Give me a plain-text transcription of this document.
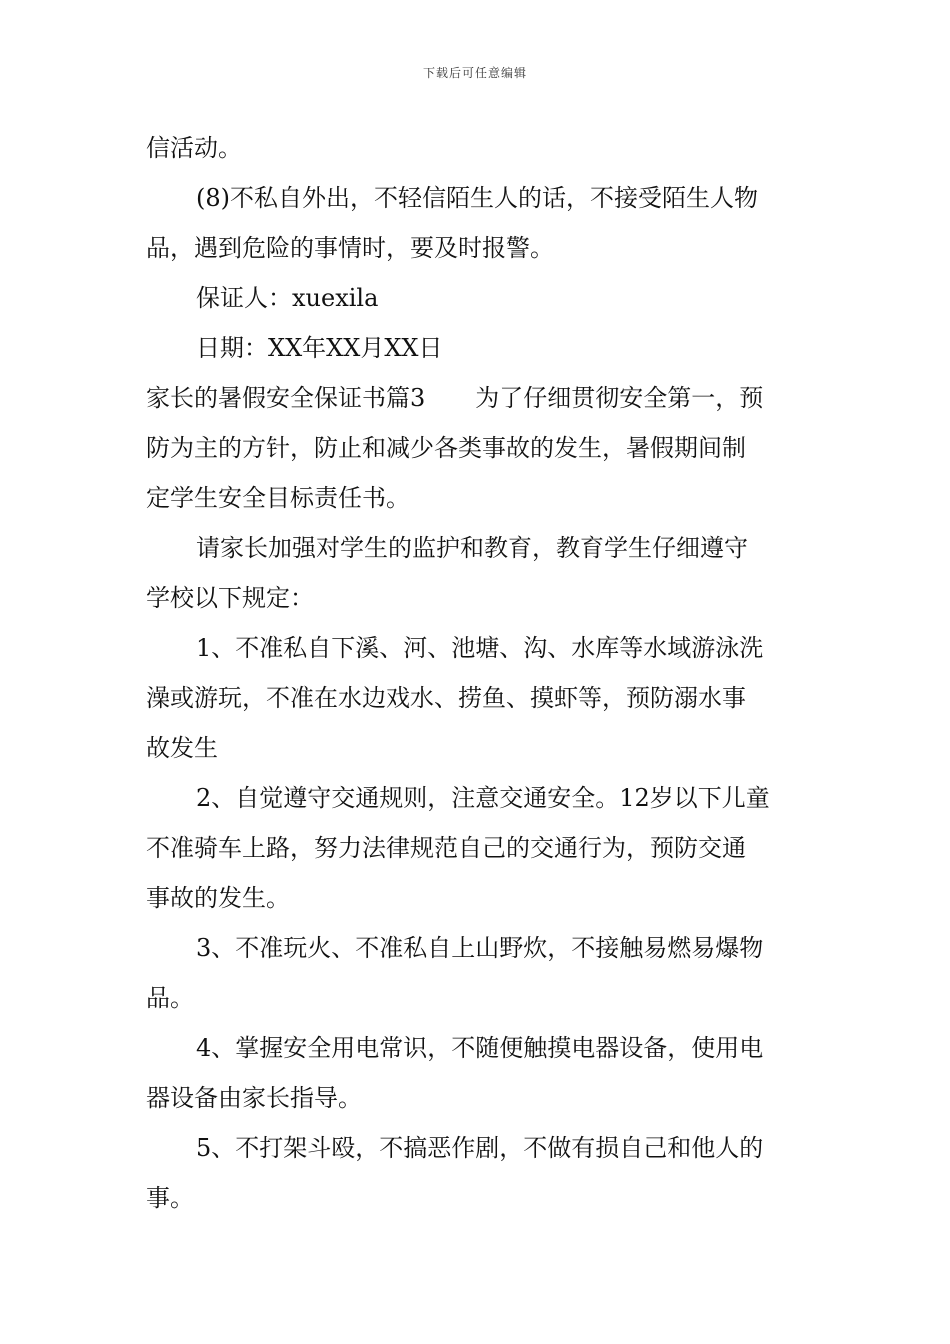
下载后可任意编辑
信活动。
(8)不私自外出，不轻信陌生人的话，不接受陌生人物
品，遇到危险的事情时，要及时报警。
保证人：xuexila
日期：XX年XX月XX日
家长的暑假安全保证书篇3 为了仔细贯彻安全第一，预
防为主的方针，防止和减少各类事故的发生，暑假期间制
定学生安全目标责任书。
请家长加强对学生的监护和教育，教育学生仔细遵守
学校以下规定：
1、不准私自下溪、河、池塘、沟、水库等水域游泳洗
澡或游玩，不准在水边戏水、捞鱼、摸虾等，预防溺水事
故发生
2、自觉遵守交通规则，注意交通安全。12岁以下儿童
不准骑车上路，努力法律规范自己的交通行为，预防交通
事故的发生。
3、不准玩火、不准私自上山野炊，不接触易燃易爆物
品。
4、掌握安全用电常识，不随便触摸电器设备，使用电
器设备由家长指导。
5、不打架斗殴，不搞恶作剧，不做有损自己和他人的
事。
